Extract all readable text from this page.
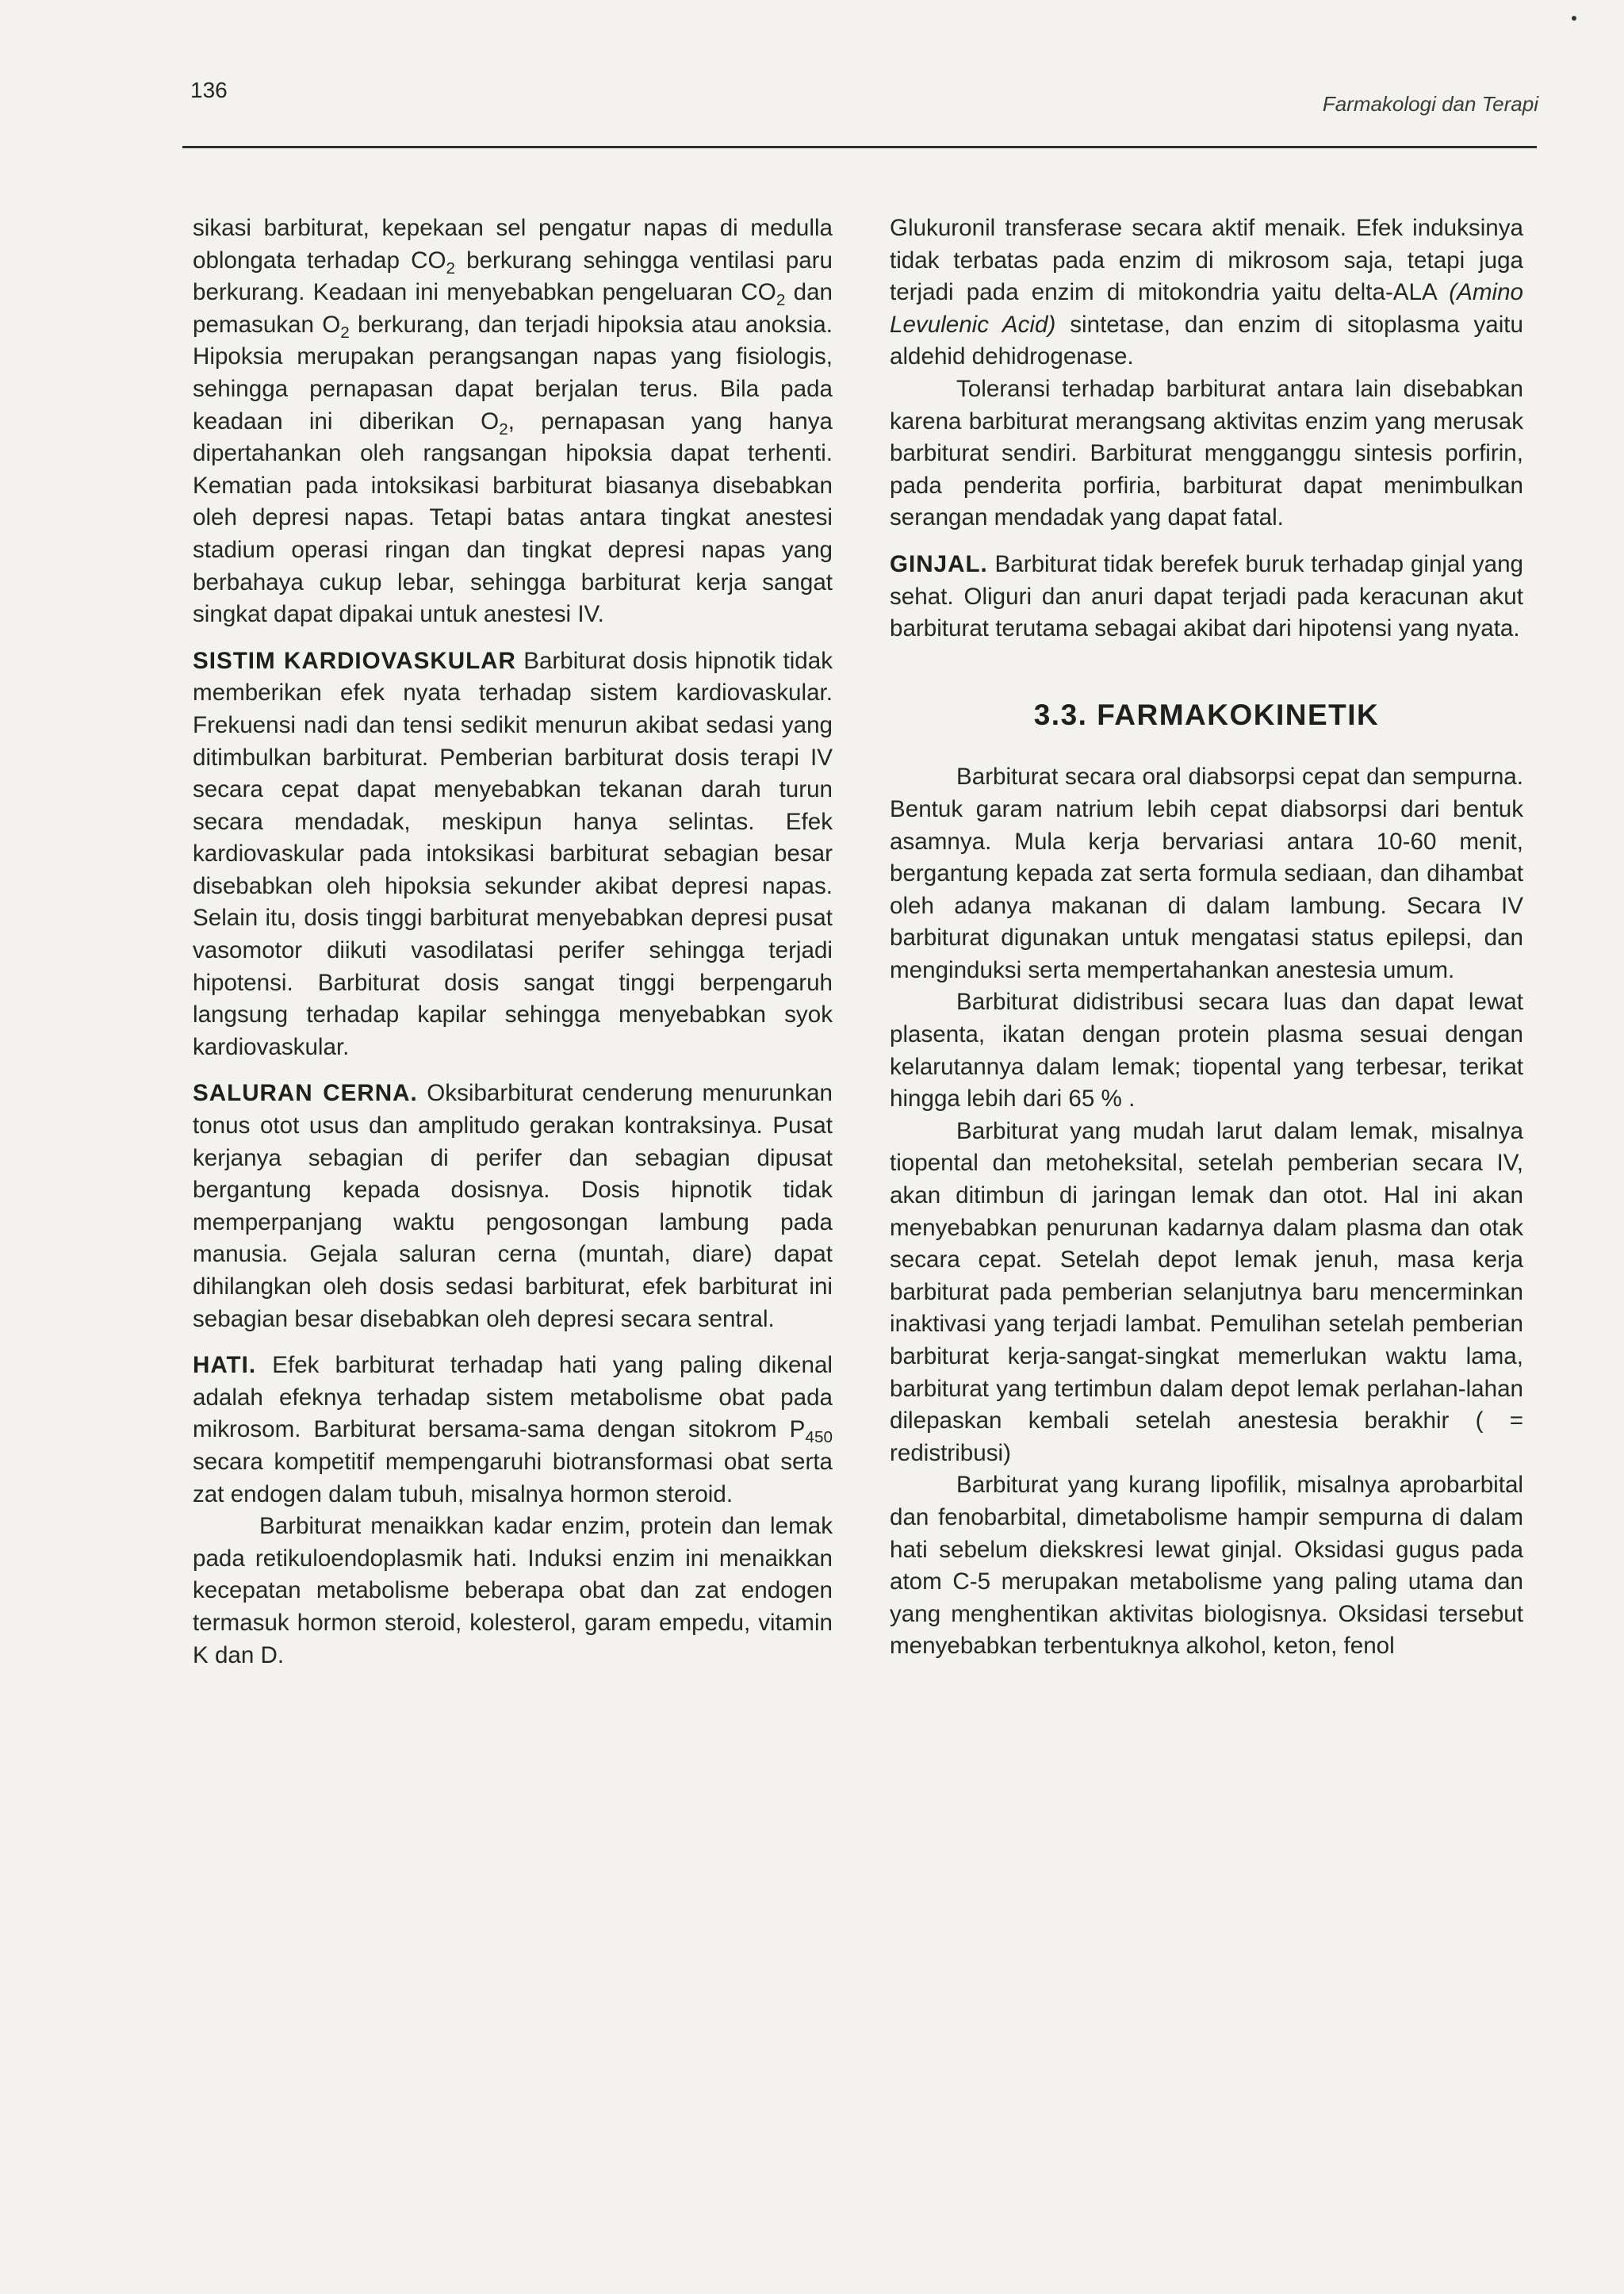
136
Farmakologi dan Terapi

sikasi barbiturat, kepekaan sel pengatur napas di medulla oblongata terhadap $CO_2$ berkurang sehingga ventilasi paru berkurang. Keadaan ini menyebabkan pengeluaran $CO_2$ dan pemasukan $O_2$ berkurang, dan terjadi hipoksia atau anoksia. Hipoksia merupakan perangsangan napas yang fisiologis, sehingga pernapasan dapat berjalan terus. Bila pada keadaan ini diberikan $O_2$, pernapasan yang hanya dipertahankan oleh rangsangan hipoksia dapat terhenti. Kematian pada intoksikasi barbiturat biasanya disebabkan oleh depresi napas. Tetapi batas antara tingkat anestesi stadium operasi ringan dan tingkat depresi napas yang berbahaya cukup lebar, sehingga barbiturat kerja sangat singkat dapat dipakai untuk anestesi IV.

SISTIM KARDIOVASKULAR Barbiturat dosis hipnotik tidak memberikan efek nyata terhadap sistem kardiovaskular. Frekuensi nadi dan tensi sedikit menurun akibat sedasi yang ditimbulkan barbiturat. Pemberian barbiturat dosis terapi IV secara cepat dapat menyebabkan tekanan darah turun secara mendadak, meskipun hanya selintas. Efek kardiovaskular pada intoksikasi barbiturat sebagian besar disebabkan oleh hipoksia sekunder akibat depresi napas. Selain itu, dosis tinggi barbiturat menyebabkan depresi pusat vasomotor diikuti vasodilatasi perifer sehingga terjadi hipotensi. Barbiturat dosis sangat tinggi berpengaruh langsung terhadap kapilar sehingga menyebabkan syok kardiovaskular.

SALURAN CERNA. Oksibarbiturat cenderung menurunkan tonus otot usus dan amplitudo gerakan kontraksinya. Pusat kerjanya sebagian di perifer dan sebagian dipusat bergantung kepada dosisnya. Dosis hipnotik tidak memperpanjang waktu pengosongan lambung pada manusia. Gejala saluran cerna (muntah, diare) dapat dihilangkan oleh dosis sedasi barbiturat, efek barbiturat ini sebagian besar disebabkan oleh depresi secara sentral.

HATI. Efek barbiturat terhadap hati yang paling dikenal adalah efeknya terhadap sistem metabolisme obat pada mikrosom. Barbiturat bersama-sama dengan sitokrom $P_{450}$ secara kompetitif mempengaruhi biotransformasi obat serta zat endogen dalam tubuh, misalnya hormon steroid.

Barbiturat menaikkan kadar enzim, protein dan lemak pada retikuloendoplasmik hati. Induksi enzim ini menaikkan kecepatan metabolisme beberapa obat dan zat endogen termasuk hormon steroid, kolesterol, garam empedu, vitamin K dan D.

Glukuronil transferase secara aktif menaik. Efek induksinya tidak terbatas pada enzim di mikrosom saja, tetapi juga terjadi pada enzim di mitokondria yaitu delta-ALA (Amino Levulenic Acid) sintetase, dan enzim di sitoplasma yaitu aldehid dehidrogenase.

Toleransi terhadap barbiturat antara lain disebabkan karena barbiturat merangsang aktivitas enzim yang merusak barbiturat sendiri. Barbiturat mengganggu sintesis porfirin, pada penderita porfiria, barbiturat dapat menimbulkan serangan mendadak yang dapat fatal.

GINJAL. Barbiturat tidak berefek buruk terhadap ginjal yang sehat. Oliguri dan anuri dapat terjadi pada keracunan akut barbiturat terutama sebagai akibat dari hipotensi yang nyata.

3.3. FARMAKOKINETIK

Barbiturat secara oral diabsorpsi cepat dan sempurna. Bentuk garam natrium lebih cepat diabsorpsi dari bentuk asamnya. Mula kerja bervariasi antara 10-60 menit, bergantung kepada zat serta formula sediaan, dan dihambat oleh adanya makanan di dalam lambung. Secara IV barbiturat digunakan untuk mengatasi status epilepsi, dan menginduksi serta mempertahankan anestesia umum.

Barbiturat didistribusi secara luas dan dapat lewat plasenta, ikatan dengan protein plasma sesuai dengan kelarutannya dalam lemak; tiopental yang terbesar, terikat hingga lebih dari 65 % .

Barbiturat yang mudah larut dalam lemak, misalnya tiopental dan metoheksital, setelah pemberian secara IV, akan ditimbun di jaringan lemak dan otot. Hal ini akan menyebabkan penurunan kadarnya dalam plasma dan otak secara cepat. Setelah depot lemak jenuh, masa kerja barbiturat pada pemberian selanjutnya baru mencerminkan inaktivasi yang terjadi lambat. Pemulihan setelah pemberian barbiturat kerja-sangat-singkat memerlukan waktu lama, barbiturat yang tertimbun dalam depot lemak perlahan-lahan dilepaskan kembali setelah anestesia berakhir ( = redistribusi)

Barbiturat yang kurang lipofilik, misalnya aprobarbital dan fenobarbital, dimetabolisme hampir sempurna di dalam hati sebelum diekskresi lewat ginjal. Oksidasi gugus pada atom C-5 merupakan metabolisme yang paling utama dan yang menghentikan aktivitas biologisnya. Oksidasi tersebut menyebabkan terbentuknya alkohol, keton, fenol
